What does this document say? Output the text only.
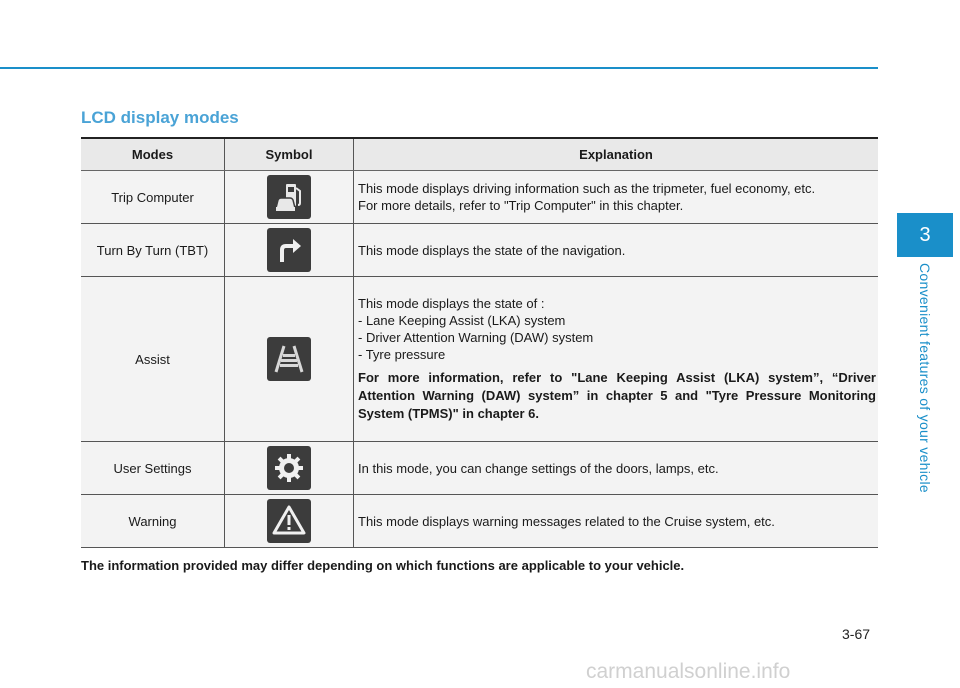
LCD display modes
Modes	Symbol	Explanation
Trip Computer		This mode displays driving information such as the tripmeter, fuel economy, etc.
For more details, refer to "Trip Computer" in this chapter.

Turn By Turn (TBT)		This mode displays the state of the navigation.

Assist		This mode displays the state of :
- Lane Keeping Assist (LKA) system
- Driver Attention Warning (DAW) system
- Tyre pressure
For more information, refer to "Lane Keeping Assist (LKA) system”, “Driver Attention Warning (DAW) system” in chapter 5 and "Tyre Pressure Monitoring System (TPMS)" in chapter 6.

User Settings		In this mode, you can change settings of the doors, lamps, etc.

Warning		This mode displays warning messages related to the Cruise system, etc.

The information provided may differ depending on which functions are applicable to your vehicle.

3
Convenient features of your vehicle
3-67
carmanualsonline.info
